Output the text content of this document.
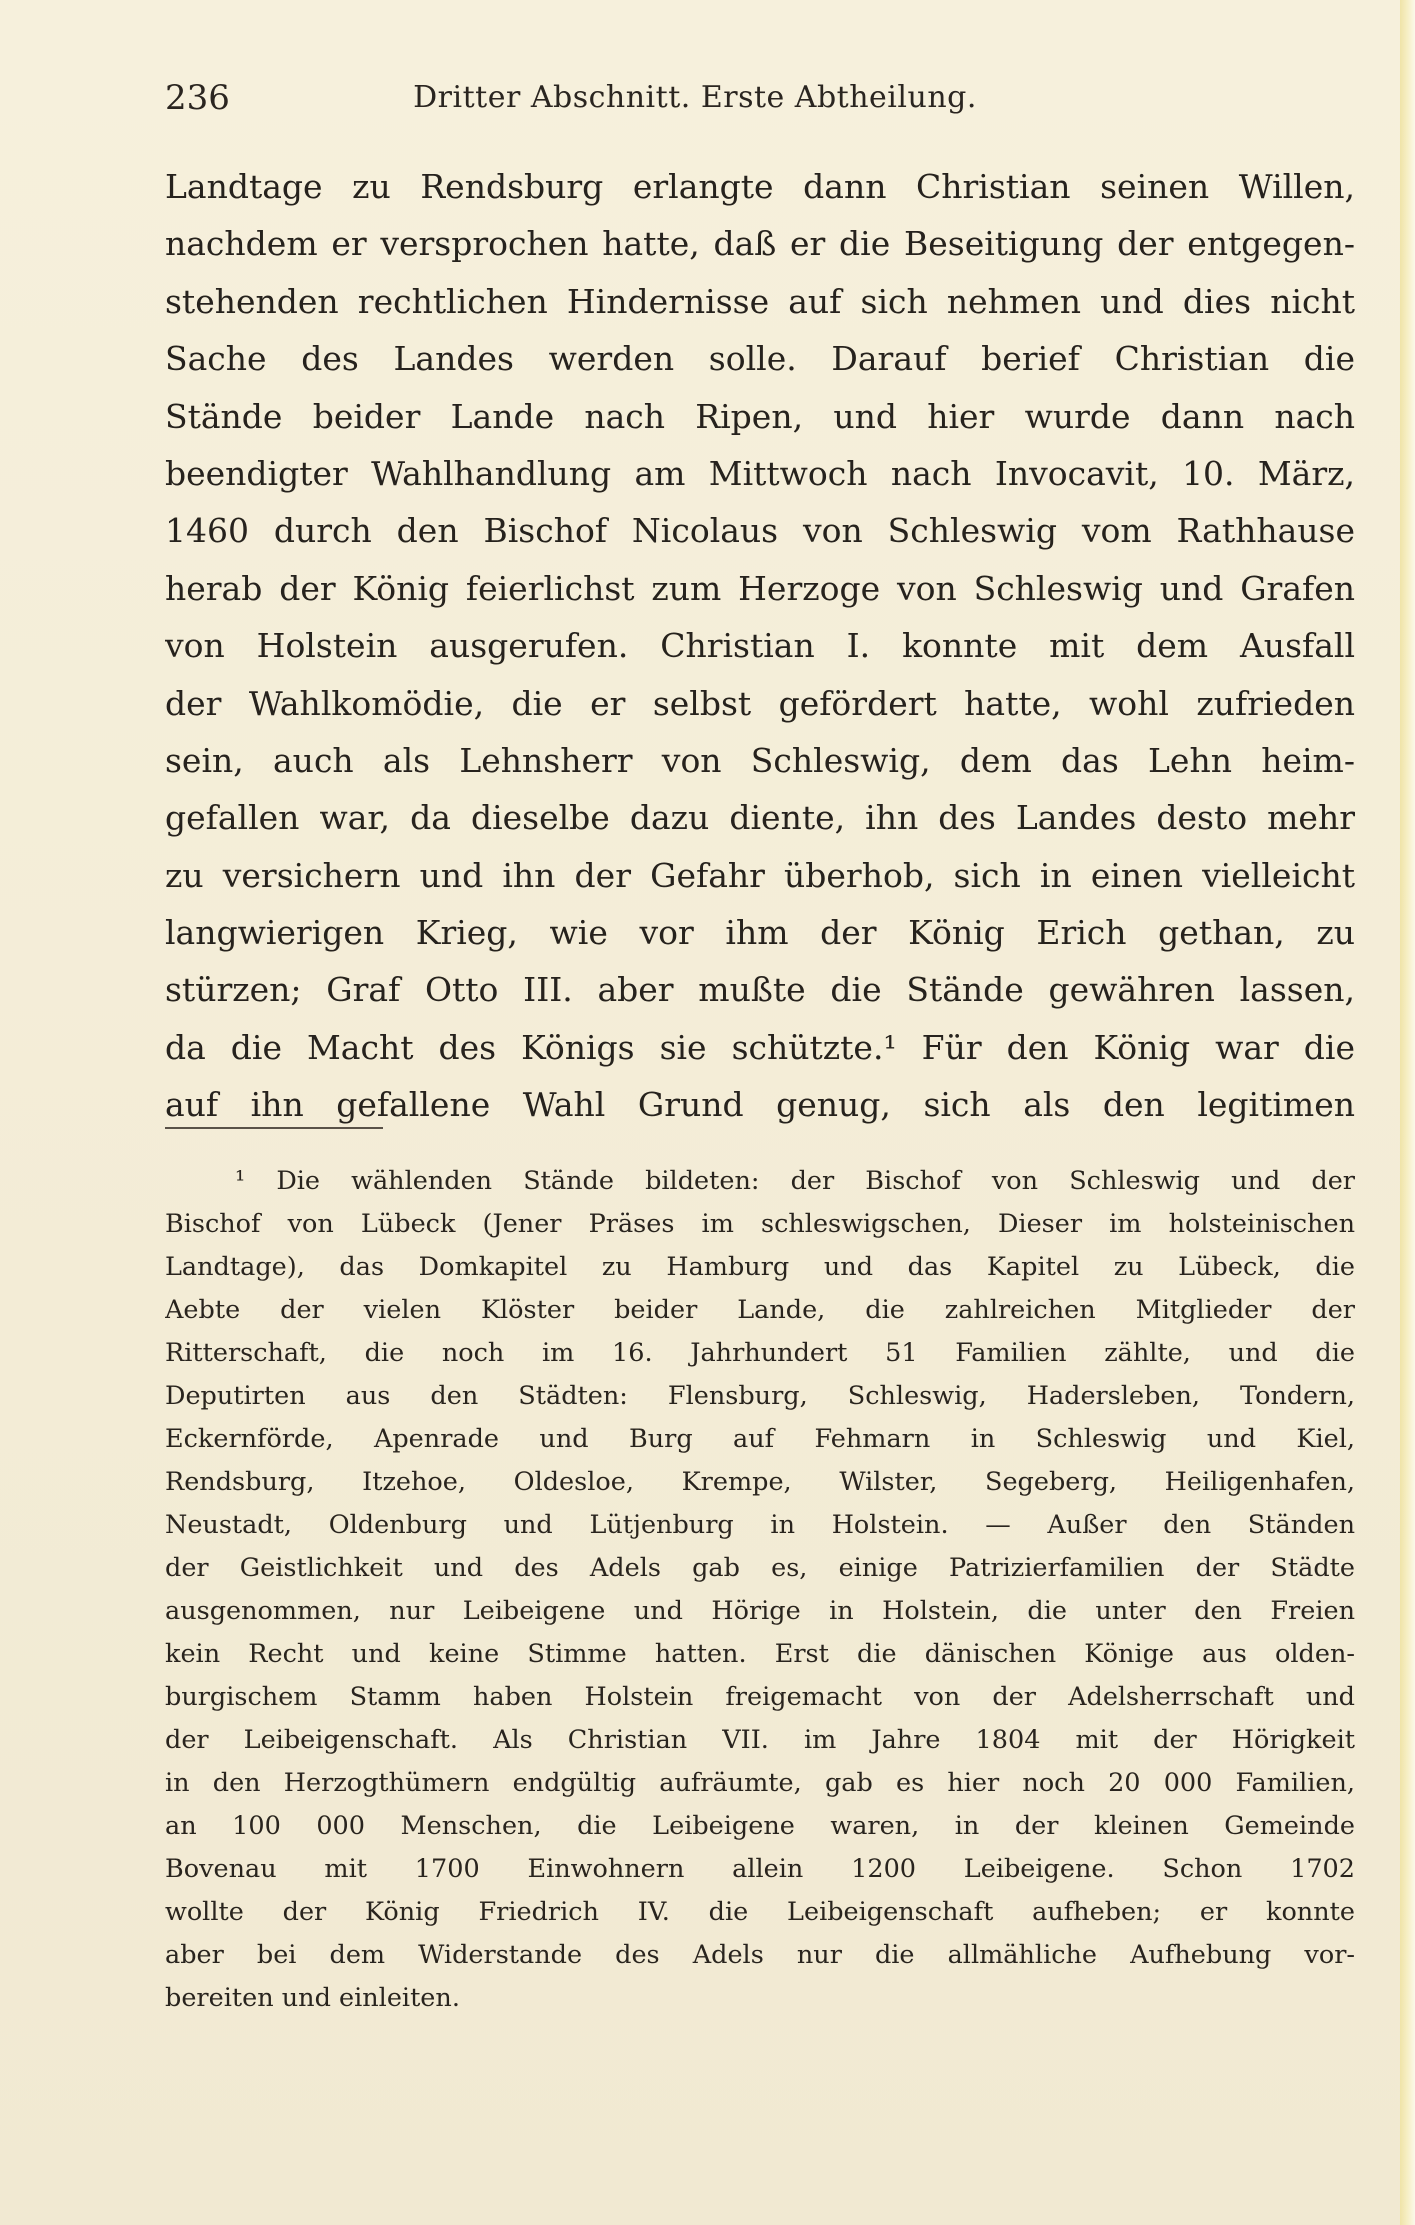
236	Dritter Abschnitt. Erste Abtheilung.
Landtage zu Rendsburg erlangte dann Christian seinen Willen,
nachdem er versprochen hatte, daß er die Beseitigung der entgegen-
stehenden rechtlichen Hindernisse auf sich nehmen und dies nicht
Sache des Landes werden solle. Darauf berief Christian die
Stände beider Lande nach Ripen, und hier wurde dann nach
beendigter Wahlhandlung am Mittwoch nach Invocavit, 10. März,
1460 durch den Bischof Nicolaus von Schleswig vom Rathhause
herab der König feierlichst zum Herzoge von Schleswig und Grafen
von Holstein ausgerufen. Christian I. konnte mit dem Ausfall
der Wahlkomödie, die er selbst gefördert hatte, wohl zufrieden
sein, auch als Lehnsherr von Schleswig, dem das Lehn heim-
gefallen war, da dieselbe dazu diente, ihn des Landes desto mehr
zu versichern und ihn der Gefahr überhob, sich in einen vielleicht
langwierigen Krieg, wie vor ihm der König Erich gethan, zu
stürzen; Graf Otto III. aber mußte die Stände gewähren lassen,
da die Macht des Königs sie schützte.¹ Für den König war die
auf ihn gefallene Wahl Grund genug, sich als den legitimen
¹ Die wählenden Stände bildeten: der Bischof von Schleswig und der
Bischof von Lübeck (Jener Präses im schleswigschen, Dieser im holsteinischen
Landtage), das Domkapitel zu Hamburg und das Kapitel zu Lübeck, die
Aebte der vielen Klöster beider Lande, die zahlreichen Mitglieder der
Ritterschaft, die noch im 16. Jahrhundert 51 Familien zählte, und die
Deputirten aus den Städten: Flensburg, Schleswig, Hadersleben, Tondern,
Eckernförde, Apenrade und Burg auf Fehmarn in Schleswig und Kiel,
Rendsburg, Itzehoe, Oldesloe, Krempe, Wilster, Segeberg, Heiligenhafen,
Neustadt, Oldenburg und Lütjenburg in Holstein. — Außer den Ständen
der Geistlichkeit und des Adels gab es, einige Patrizierfamilien der Städte
ausgenommen, nur Leibeigene und Hörige in Holstein, die unter den Freien
kein Recht und keine Stimme hatten. Erst die dänischen Könige aus olden-
burgischem Stamm haben Holstein freigemacht von der Adelsherrschaft und
der Leibeigenschaft. Als Christian VII. im Jahre 1804 mit der Hörigkeit
in den Herzogthümern endgültig aufräumte, gab es hier noch 20 000 Familien,
an 100 000 Menschen, die Leibeigene waren, in der kleinen Gemeinde
Bovenau mit 1700 Einwohnern allein 1200 Leibeigene. Schon 1702
wollte der König Friedrich IV. die Leibeigenschaft aufheben; er konnte
aber bei dem Widerstande des Adels nur die allmähliche Aufhebung vor-
bereiten und einleiten.
